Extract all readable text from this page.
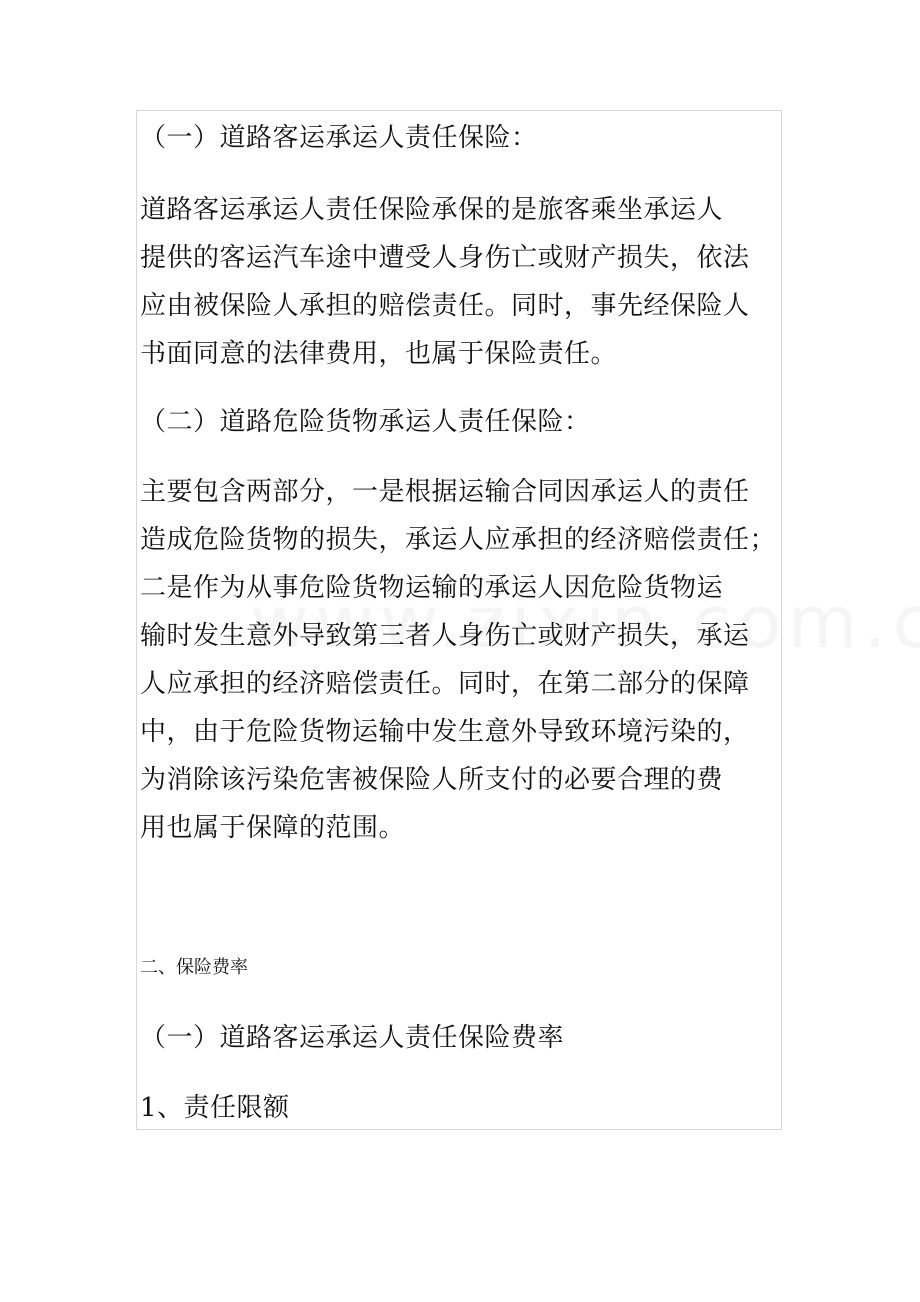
（一）道路客运承运人责任保险：

道路客运承运人责任保险承保的是旅客乘坐承运人
提供的客运汽车途中遭受人身伤亡或财产损失，依法
应由被保险人承担的赔偿责任。同时，事先经保险人
书面同意的法律费用，也属于保险责任。

（二）道路危险货物承运人责任保险：

主要包含两部分，一是根据运输合同因承运人的责任
造成危险货物的损失，承运人应承担的经济赔偿责任；
二是作为从事危险货物运输的承运人因危险货物运
输时发生意外导致第三者人身伤亡或财产损失，承运
人应承担的经济赔偿责任。同时，在第二部分的保障
中，由于危险货物运输中发生意外导致环境污染的，
为消除该污染危害被保险人所支付的必要合理的费
用也属于保障的范围。

二、保险费率

（一）道路客运承运人责任保险费率

1、责任限额
